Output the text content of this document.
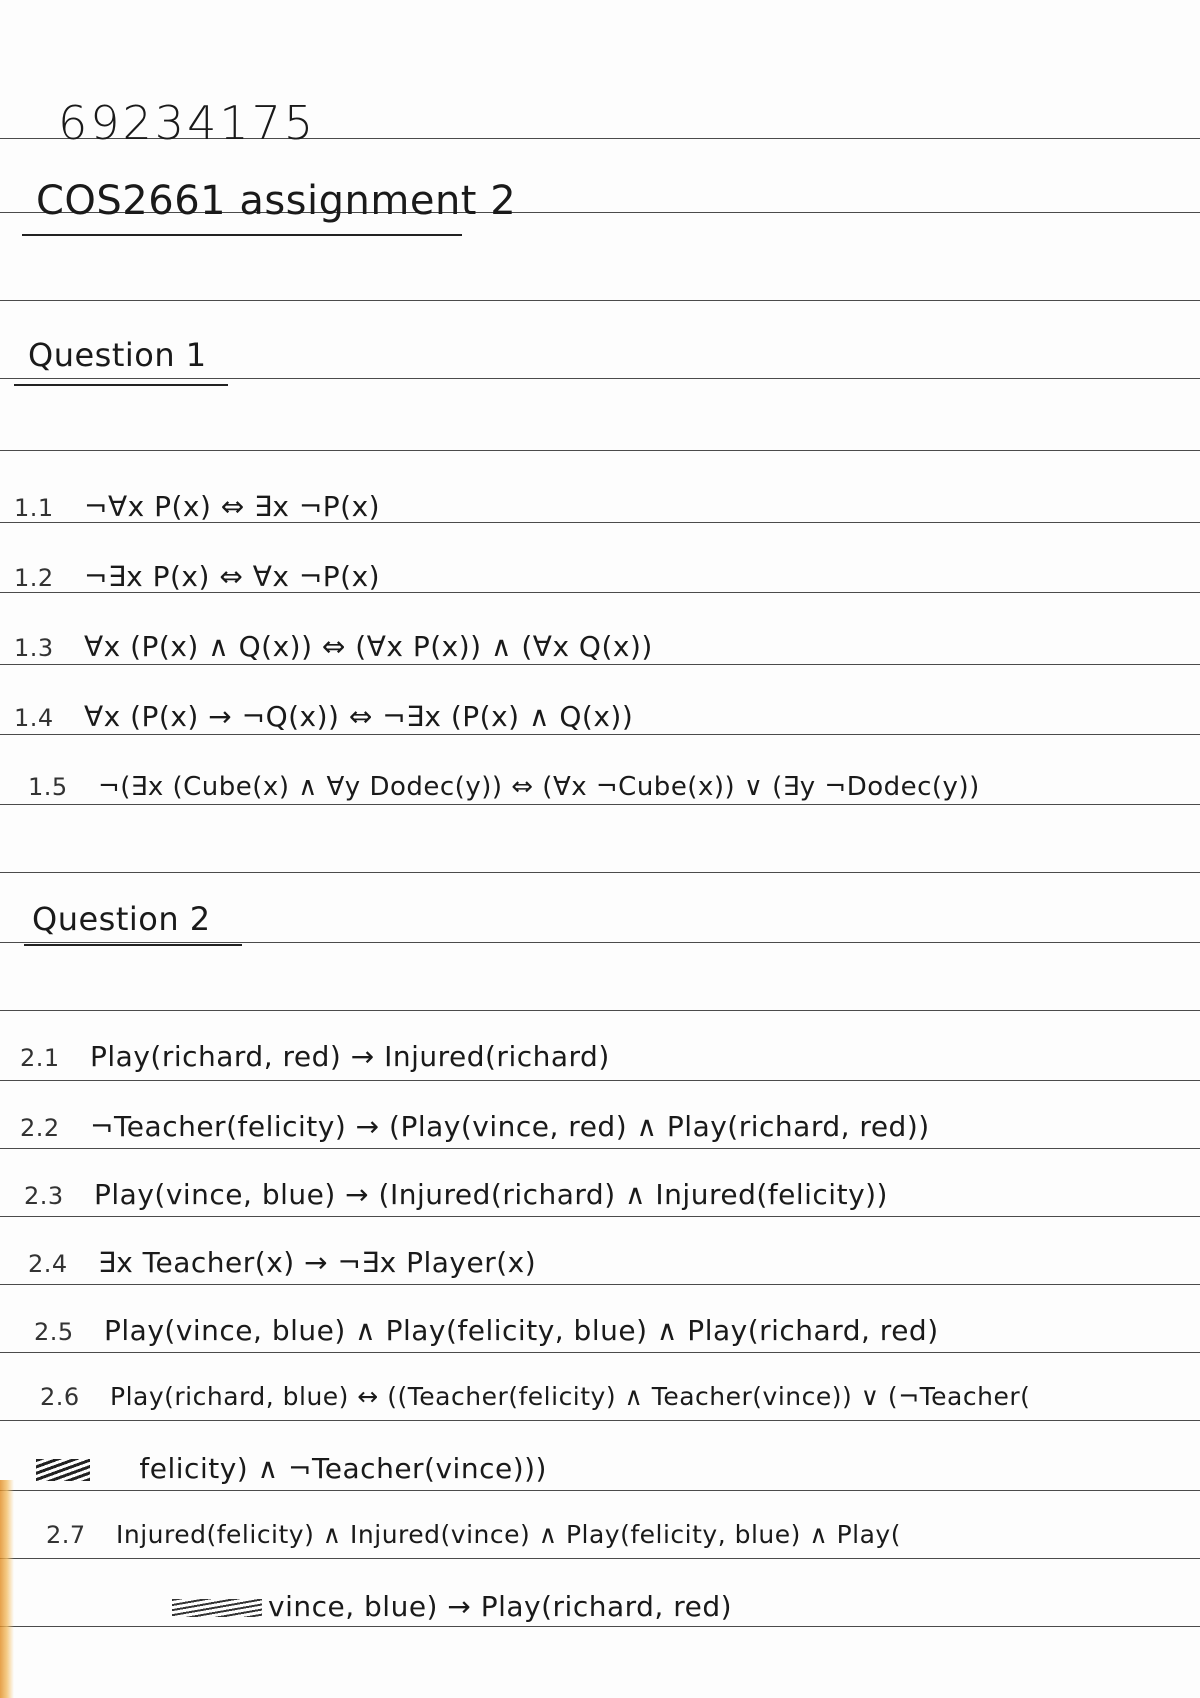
69234175
COS2661 assignment 2
Question 1
1.1 ¬∀x P(x) ⇔ ∃x ¬P(x)
1.2 ¬∃x P(x) ⇔ ∀x ¬P(x)
1.3 ∀x (P(x) ∧ Q(x)) ⇔ (∀x P(x)) ∧ (∀x Q(x))
1.4 ∀x (P(x) → ¬Q(x)) ⇔ ¬∃x (P(x) ∧ Q(x))
1.5 ¬(∃x (Cube(x) ∧ ∀y Dodec(y)) ⇔ (∀x ¬Cube(x)) ∨ (∃y ¬Dodec(y))
Question 2
2.1 Play(richard, red) → Injured(richard)
2.2 ¬Teacher(felicity) → (Play(vince, red) ∧ Play(richard, red))
2.3 Play(vince, blue) → (Injured(richard) ∧ Injured(felicity))
2.4 ∃x Teacher(x) → ¬∃x Player(x)
2.5 Play(vince, blue) ∧ Play(felicity, blue) ∧ Play(richard, red)
2.6 Play(richard, blue) ↔ ((Teacher(felicity) ∧ Teacher(vince)) ∨ (¬Teacher(
felicity) ∧ ¬Teacher(vince)))
2.7 Injured(felicity) ∧ Injured(vince) ∧ Play(felicity, blue) ∧ Play(
vince, blue) → Play(richard, red)
